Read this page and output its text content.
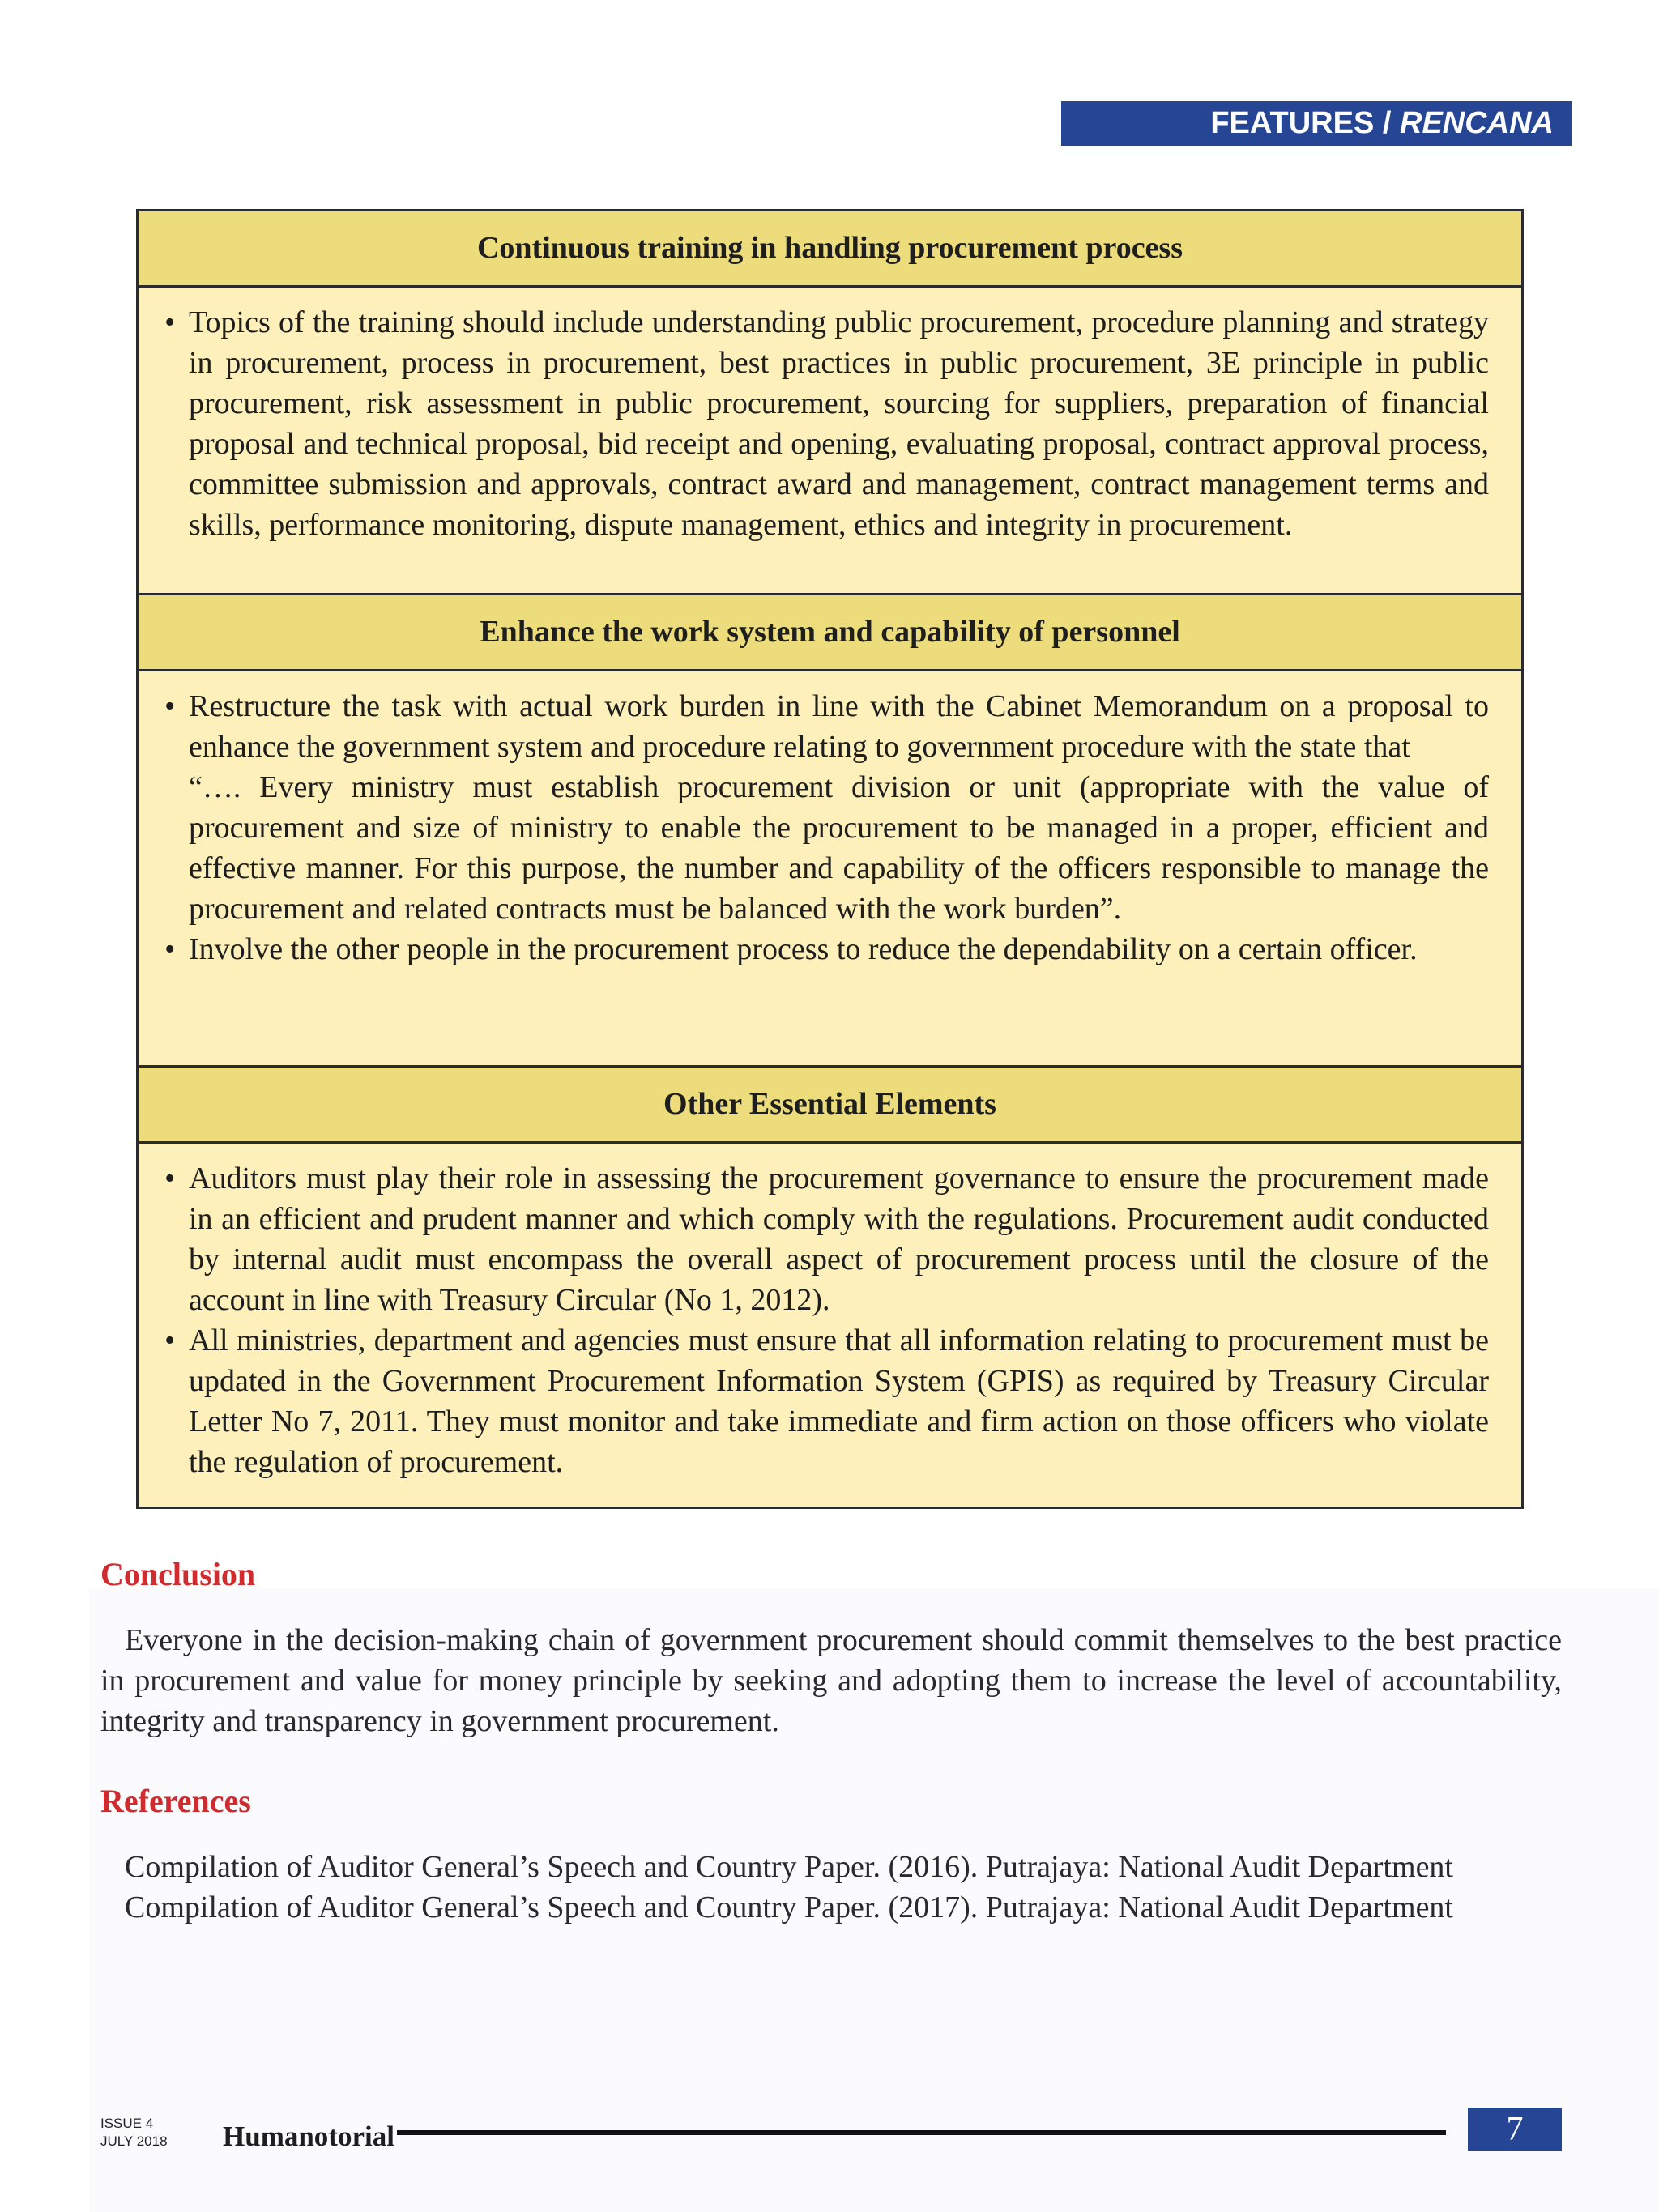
FEATURES / RENCANA
Continuous training in handling procurement process
• Topics of the training should include understanding public procurement, procedure planning and strategy in procurement, process in procurement, best practices in public procurement, 3E principle in public procurement, risk assessment in public procurement, sourcing for suppliers, preparation of financial proposal and technical proposal, bid receipt and opening, evaluating proposal, contract approval process, committee submission and approvals, contract award and management, contract management terms and skills, performance monitoring, dispute management, ethics and integrity in procurement.
Enhance the work system and capability of personnel
• Restructure the task with actual work burden in line with the Cabinet Memorandum on a proposal to enhance the government system and procedure relating to government procedure with the state that
“…. Every ministry must establish procurement division or unit (appropriate with the value of procurement and size of ministry to enable the procurement to be managed in a proper, efficient and effective manner. For this purpose, the number and capability of the officers responsible to manage the procurement and related contracts must be balanced with the work burden”.
• Involve the other people in the procurement process to reduce the dependability on a certain officer.
Other Essential Elements
• Auditors must play their role in assessing the procurement governance to ensure the procurement made in an efficient and prudent manner and which comply with the regulations. Procurement audit conducted by internal audit must encompass the overall aspect of procurement process until the closure of the account in line with Treasury Circular (No 1, 2012).
• All ministries, department and agencies must ensure that all information relating to procurement must be updated in the Government Procurement Information System (GPIS) as required by Treasury Circular Letter No 7, 2011. They must monitor and take immediate and firm action on those officers who violate the regulation of procurement.
Conclusion
Everyone in the decision-making chain of government procurement should commit themselves to the best practice in procurement and value for money principle by seeking and adopting them to increase the level of accountability, integrity and transparency in government procurement.
References
Compilation of Auditor General’s Speech and Country Paper. (2016). Putrajaya: National Audit Department
Compilation of Auditor General’s Speech and Country Paper. (2017). Putrajaya: National Audit Department
ISSUE 4
JULY 2018 Humanotorial	7
